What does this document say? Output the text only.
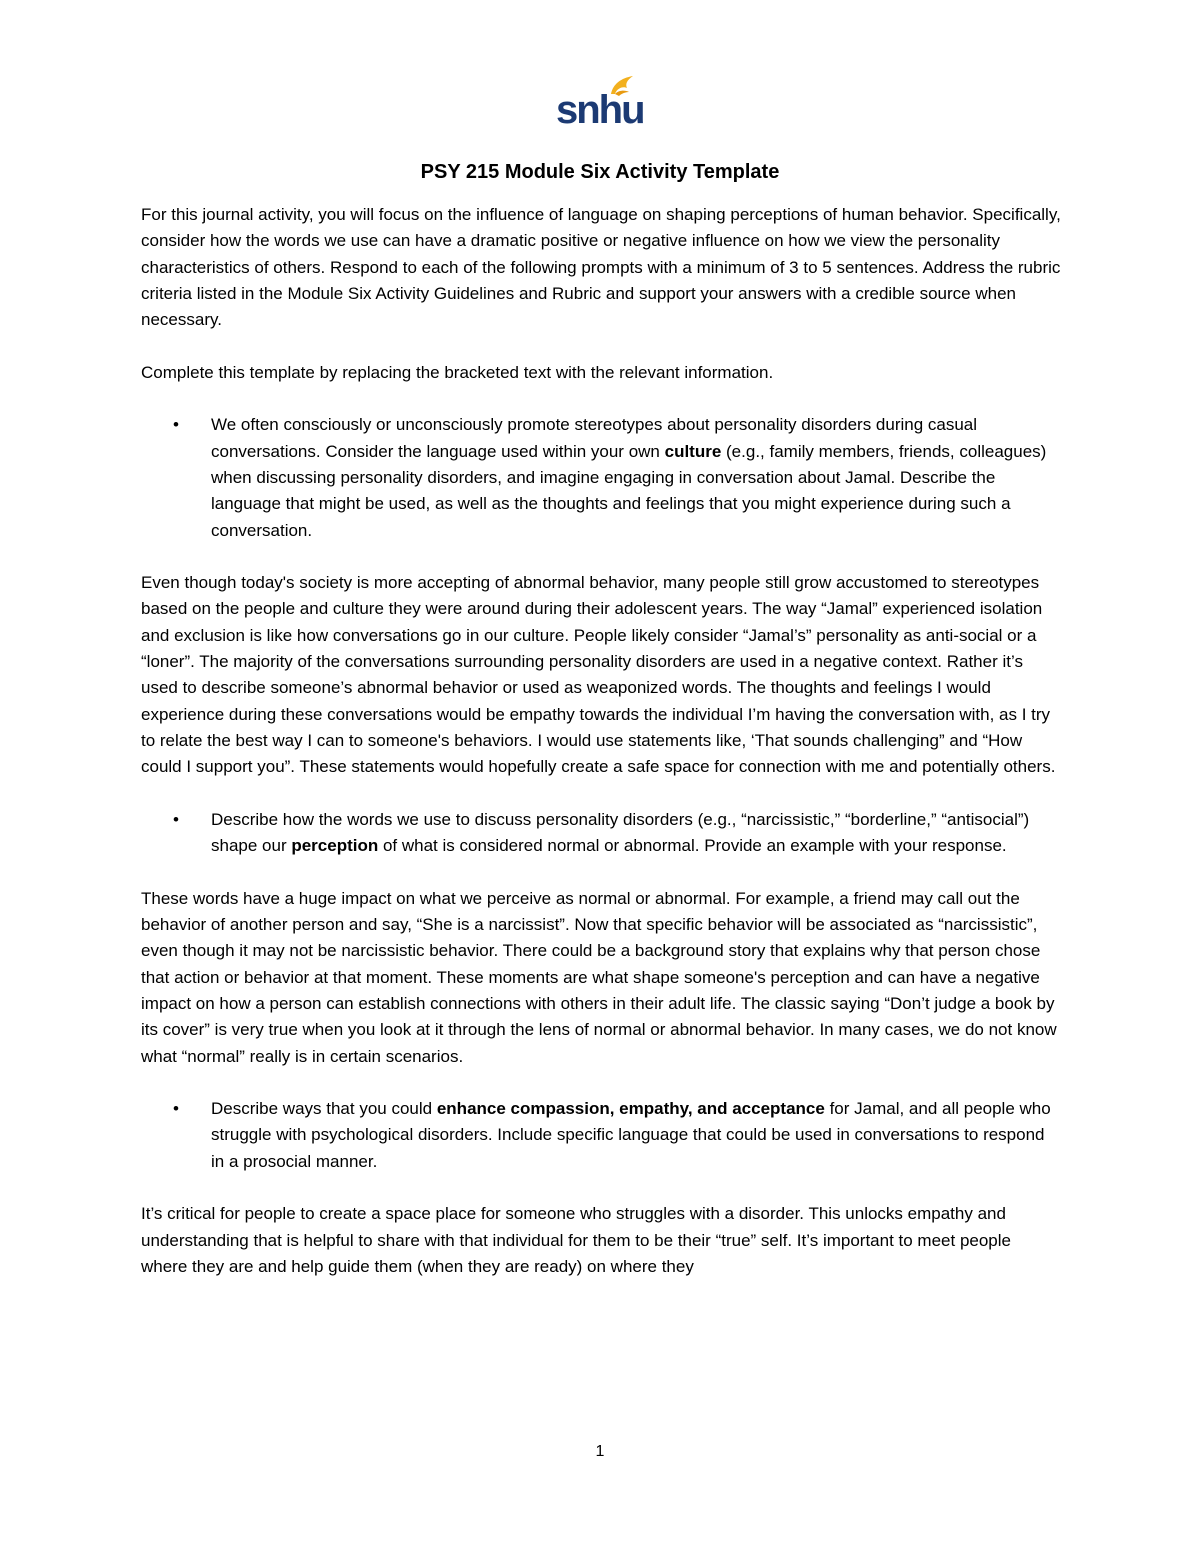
snhu
PSY 215 Module Six Activity Template

For this journal activity, you will focus on the influence of language on shaping perceptions of human behavior. Specifically, consider how the words we use can have a dramatic positive or negative influence on how we view the personality characteristics of others. Respond to each of the following prompts with a minimum of 3 to 5 sentences. Address the rubric criteria listed in the Module Six Activity Guidelines and Rubric and support your answers with a credible source when necessary.

Complete this template by replacing the bracketed text with the relevant information.

• We often consciously or unconsciously promote stereotypes about personality disorders during casual conversations. Consider the language used within your own culture (e.g., family members, friends, colleagues) when discussing personality disorders, and imagine engaging in conversation about Jamal. Describe the language that might be used, as well as the thoughts and feelings that you might experience during such a conversation.

Even though today's society is more accepting of abnormal behavior, many people still grow accustomed to stereotypes based on the people and culture they were around during their adolescent years. The way “Jamal” experienced isolation and exclusion is like how conversations go in our culture. People likely consider “Jamal’s” personality as anti-social or a “loner”. The majority of the conversations surrounding personality disorders are used in a negative context. Rather it’s used to describe someone’s abnormal behavior or used as weaponized words. The thoughts and feelings I would experience during these conversations would be empathy towards the individual I’m having the conversation with, as I try to relate the best way I can to someone's behaviors. I would use statements like, ‘That sounds challenging” and “How could I support you”. These statements would hopefully create a safe space for connection with me and potentially others.

• Describe how the words we use to discuss personality disorders (e.g., “narcissistic,” “borderline,” “antisocial”) shape our perception of what is considered normal or abnormal. Provide an example with your response.

These words have a huge impact on what we perceive as normal or abnormal. For example, a friend may call out the behavior of another person and say, “She is a narcissist”. Now that specific behavior will be associated as “narcissistic”, even though it may not be narcissistic behavior. There could be a background story that explains why that person chose that action or behavior at that moment. These moments are what shape someone's perception and can have a negative impact on how a person can establish connections with others in their adult life. The classic saying “Don’t judge a book by its cover” is very true when you look at it through the lens of normal or abnormal behavior. In many cases, we do not know what “normal” really is in certain scenarios.

• Describe ways that you could enhance compassion, empathy, and acceptance for Jamal, and all people who struggle with psychological disorders. Include specific language that could be used in conversations to respond in a prosocial manner.

It’s critical for people to create a space place for someone who struggles with a disorder. This unlocks empathy and understanding that is helpful to share with that individual for them to be their “true” self. It’s important to meet people where they are and help guide them (when they are ready) on where they

1
